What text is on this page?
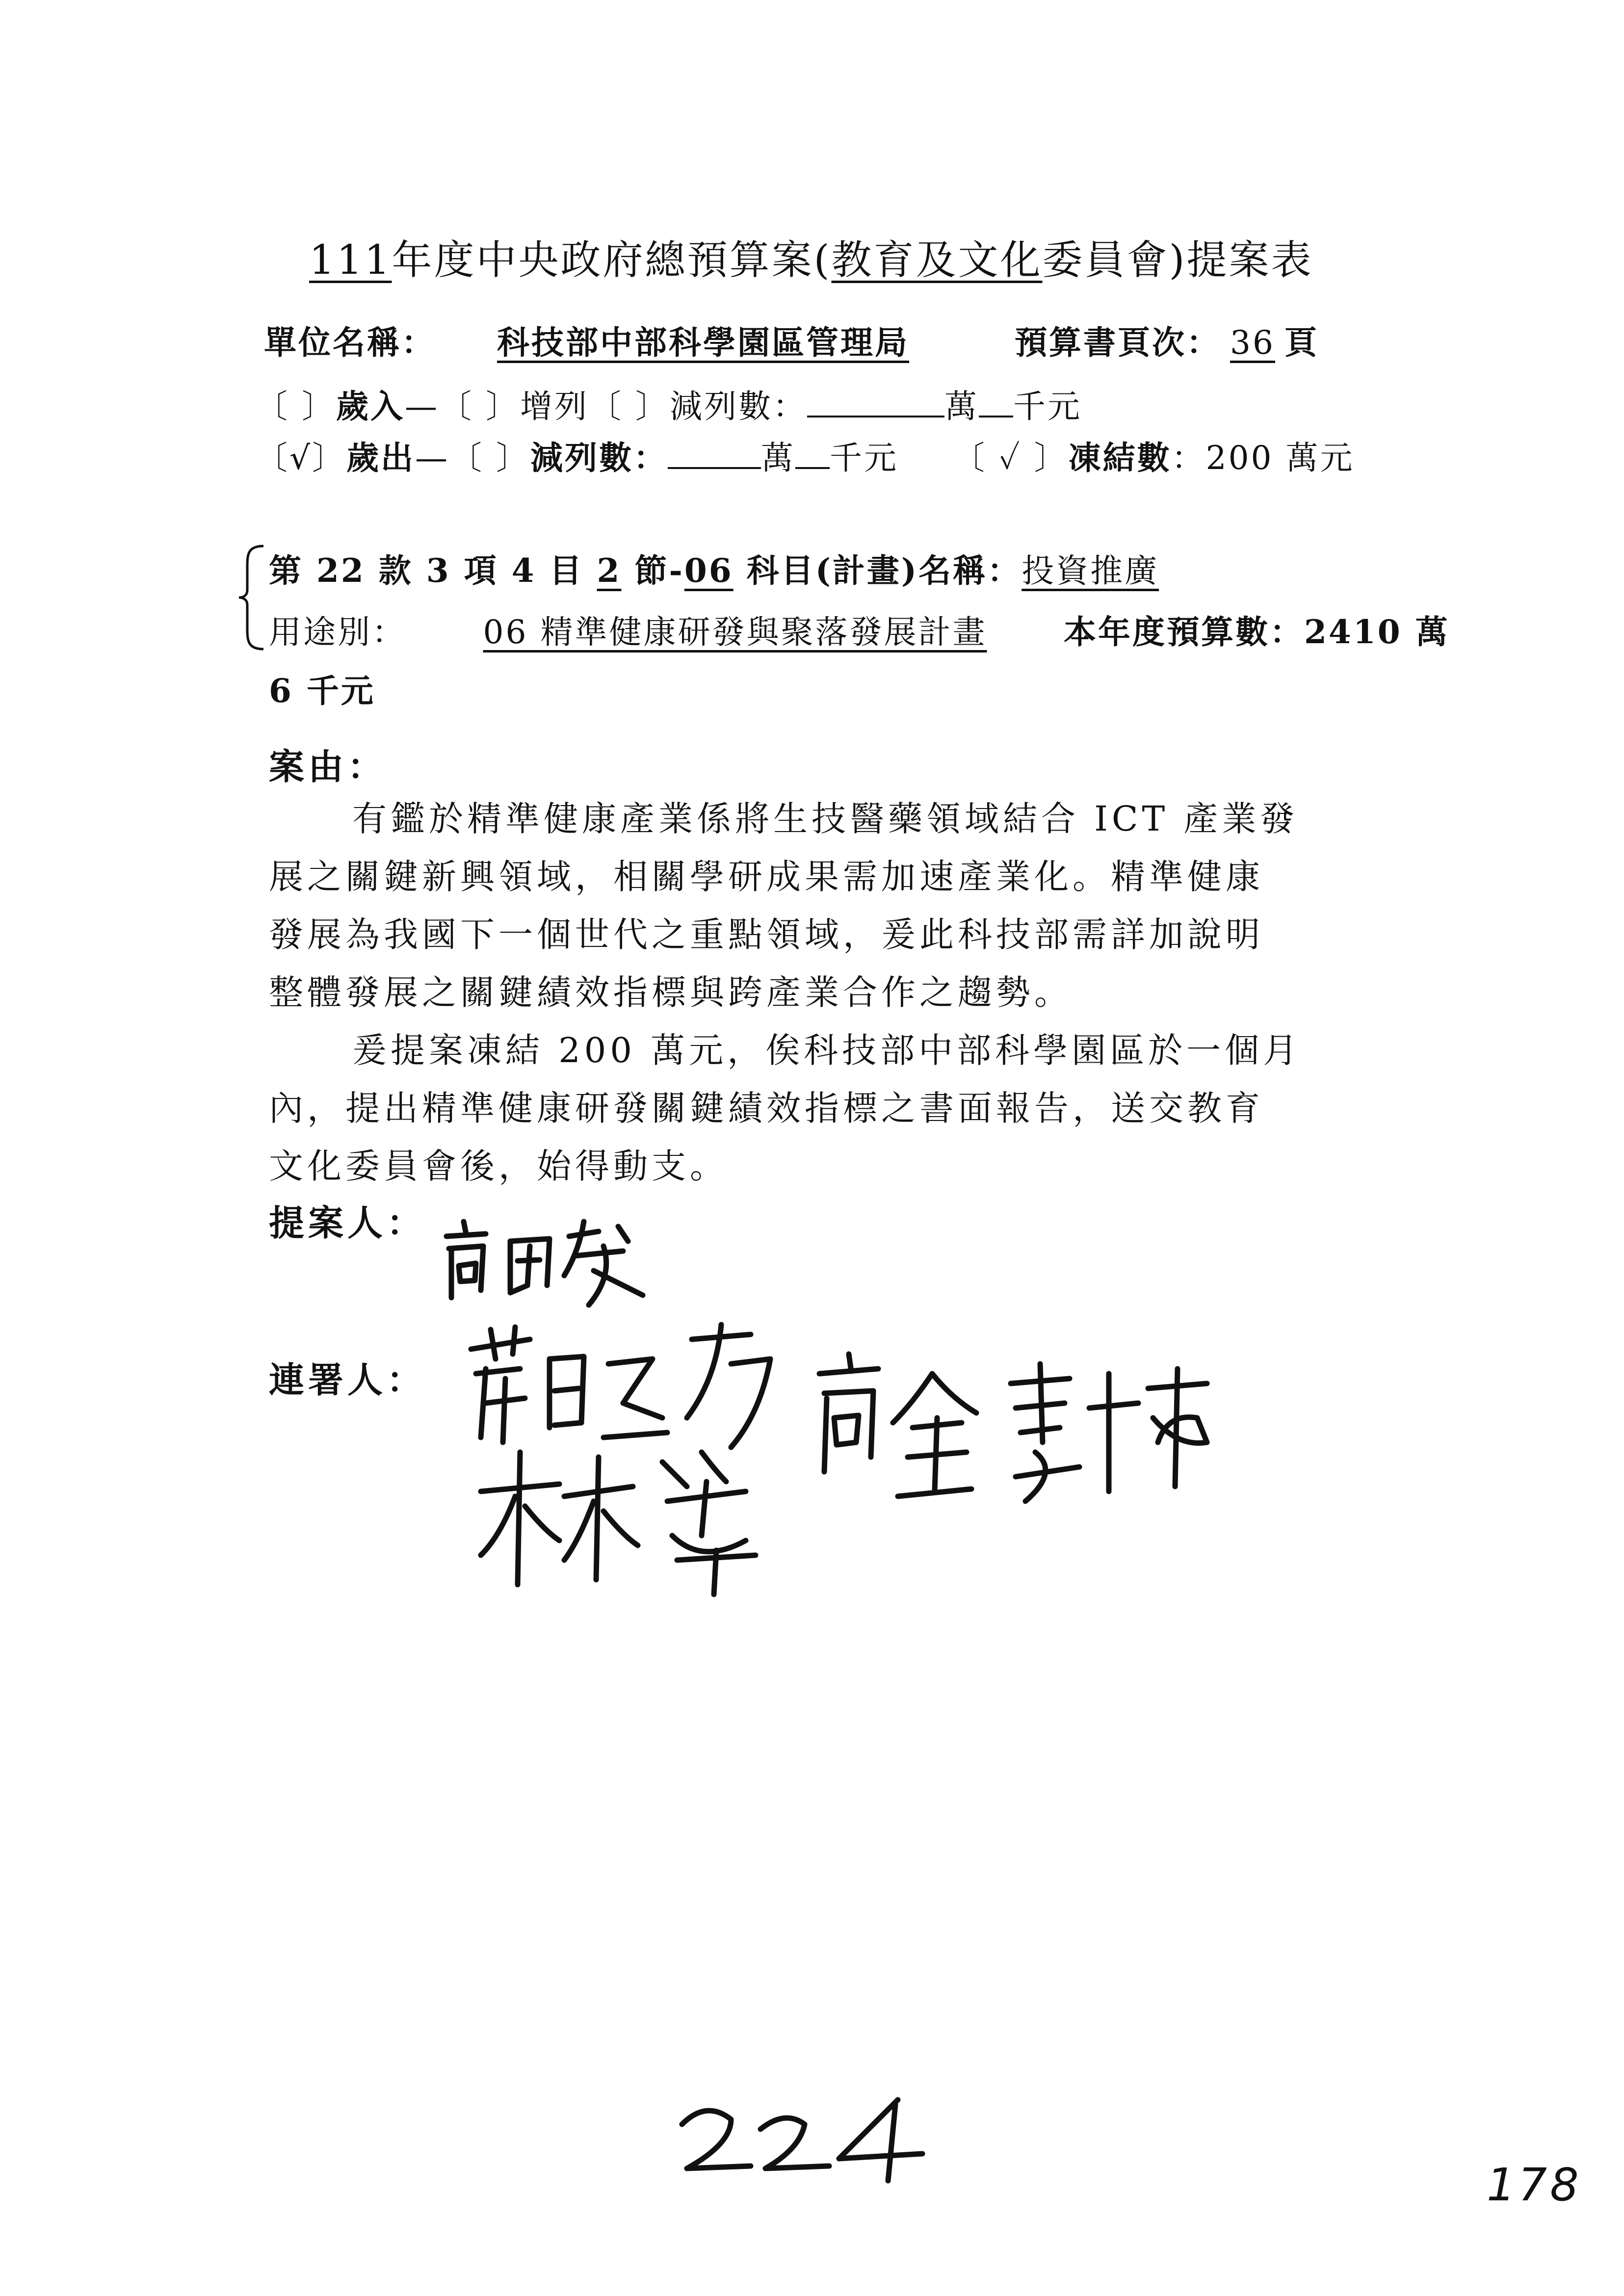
111年度中央政府總預算案(教育及文化委員會)提案表
單位名稱： 科技部中部科學園區管理局	預算書頁次： 36 頁
〔 〕歲入—〔 〕增列〔 〕減列數：	萬 千元
〔√〕歲出—〔 〕減列數：	萬 千元 〔 ✓ 〕凍結數：200 萬元
第 22 款 3 項 4 目 2 節-06 科目(計畫)名稱：投資推廣
用途別： 06 精準健康研發與聚落發展計畫 本年度預算數：2410 萬
6 千元
案由：

有鑑於精準健康產業係將生技醫藥領域結合 ICT 產業發

展之關鍵新興領域，相關學研成果需加速產業化。精準健康

發展為我國下一個世代之重點領域，爰此科技部需詳加說明

整體發展之關鍵績效指標與跨產業合作之趨勢。

爰提案凍結 200 萬元，俟科技部中部科學園區於一個月

內，提出精準健康研發關鍵績效指標之書面報告，送交教育

文化委員會後，始得動支。

提案人：
連署人：
178
